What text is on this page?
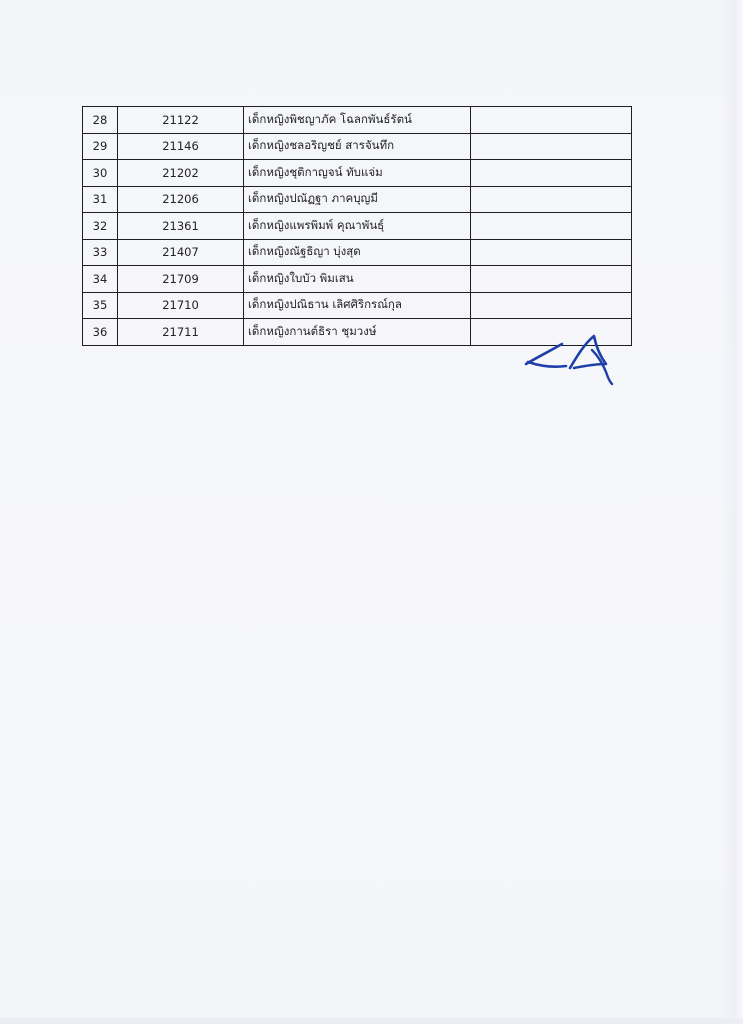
28	21122	เด็กหญิงพิชญาภัค โฉลกพันธ์รัตน์	
29	21146	เด็กหญิงชลอริญชย์ สารจันทึก	
30	21202	เด็กหญิงชุติกาญจน์ ทับแจ่ม	
31	21206	เด็กหญิงปณัฏฐา ภาคบุญมี	
32	21361	เด็กหญิงแพรพิมพ์ คุณาพันธุ์	
33	21407	เด็กหญิงณัฐธิญา บุ่งสุด	
34	21709	เด็กหญิงใบบัว พิมเสน	
35	21710	เด็กหญิงปณิธาน เลิศศิริกรณ์กุล	
36	21711	เด็กหญิงกานต์ธิรา ชุมวงษ์	
